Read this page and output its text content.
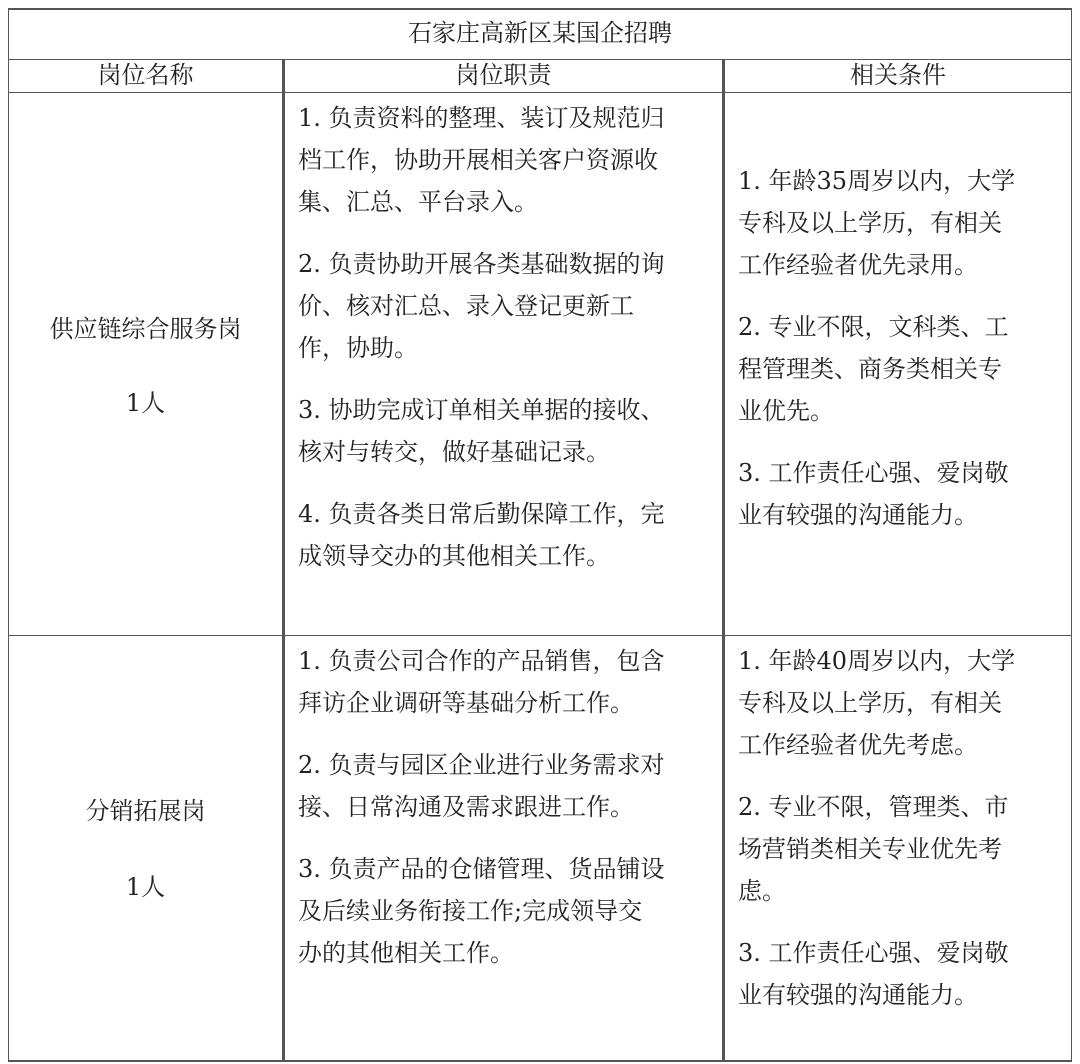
石家庄高新区某国企招聘
岗位名称	岗位职责	相关条件
供应链综合服务岗
1人

1. 负责资料的整理、装订及规范归
档工作，协助开展相关客户资源收
集、汇总、平台录入。

2. 负责协助开展各类基础数据的询
价、核对汇总、录入登记更新工
作，协助。

3. 协助完成订单相关单据的接收、
核对与转交，做好基础记录。

4. 负责各类日常后勤保障工作，完
成领导交办的其他相关工作。

1. 年龄35周岁以内，大学
专科及以上学历，有相关
工作经验者优先录用。

2. 专业不限，文科类、工
程管理类、商务类相关专
业优先。

3. 工作责任心强、爱岗敬
业有较强的沟通能力。

分销拓展岗
1人

1. 负责公司合作的产品销售，包含
拜访企业调研等基础分析工作。

2. 负责与园区企业进行业务需求对
接、日常沟通及需求跟进工作。

3. 负责产品的仓储管理、货品铺设
及后续业务衔接工作;完成领导交
办的其他相关工作。

1. 年龄40周岁以内，大学
专科及以上学历，有相关
工作经验者优先考虑。

2. 专业不限，管理类、市
场营销类相关专业优先考
虑。

3. 工作责任心强、爱岗敬
业有较强的沟通能力。
